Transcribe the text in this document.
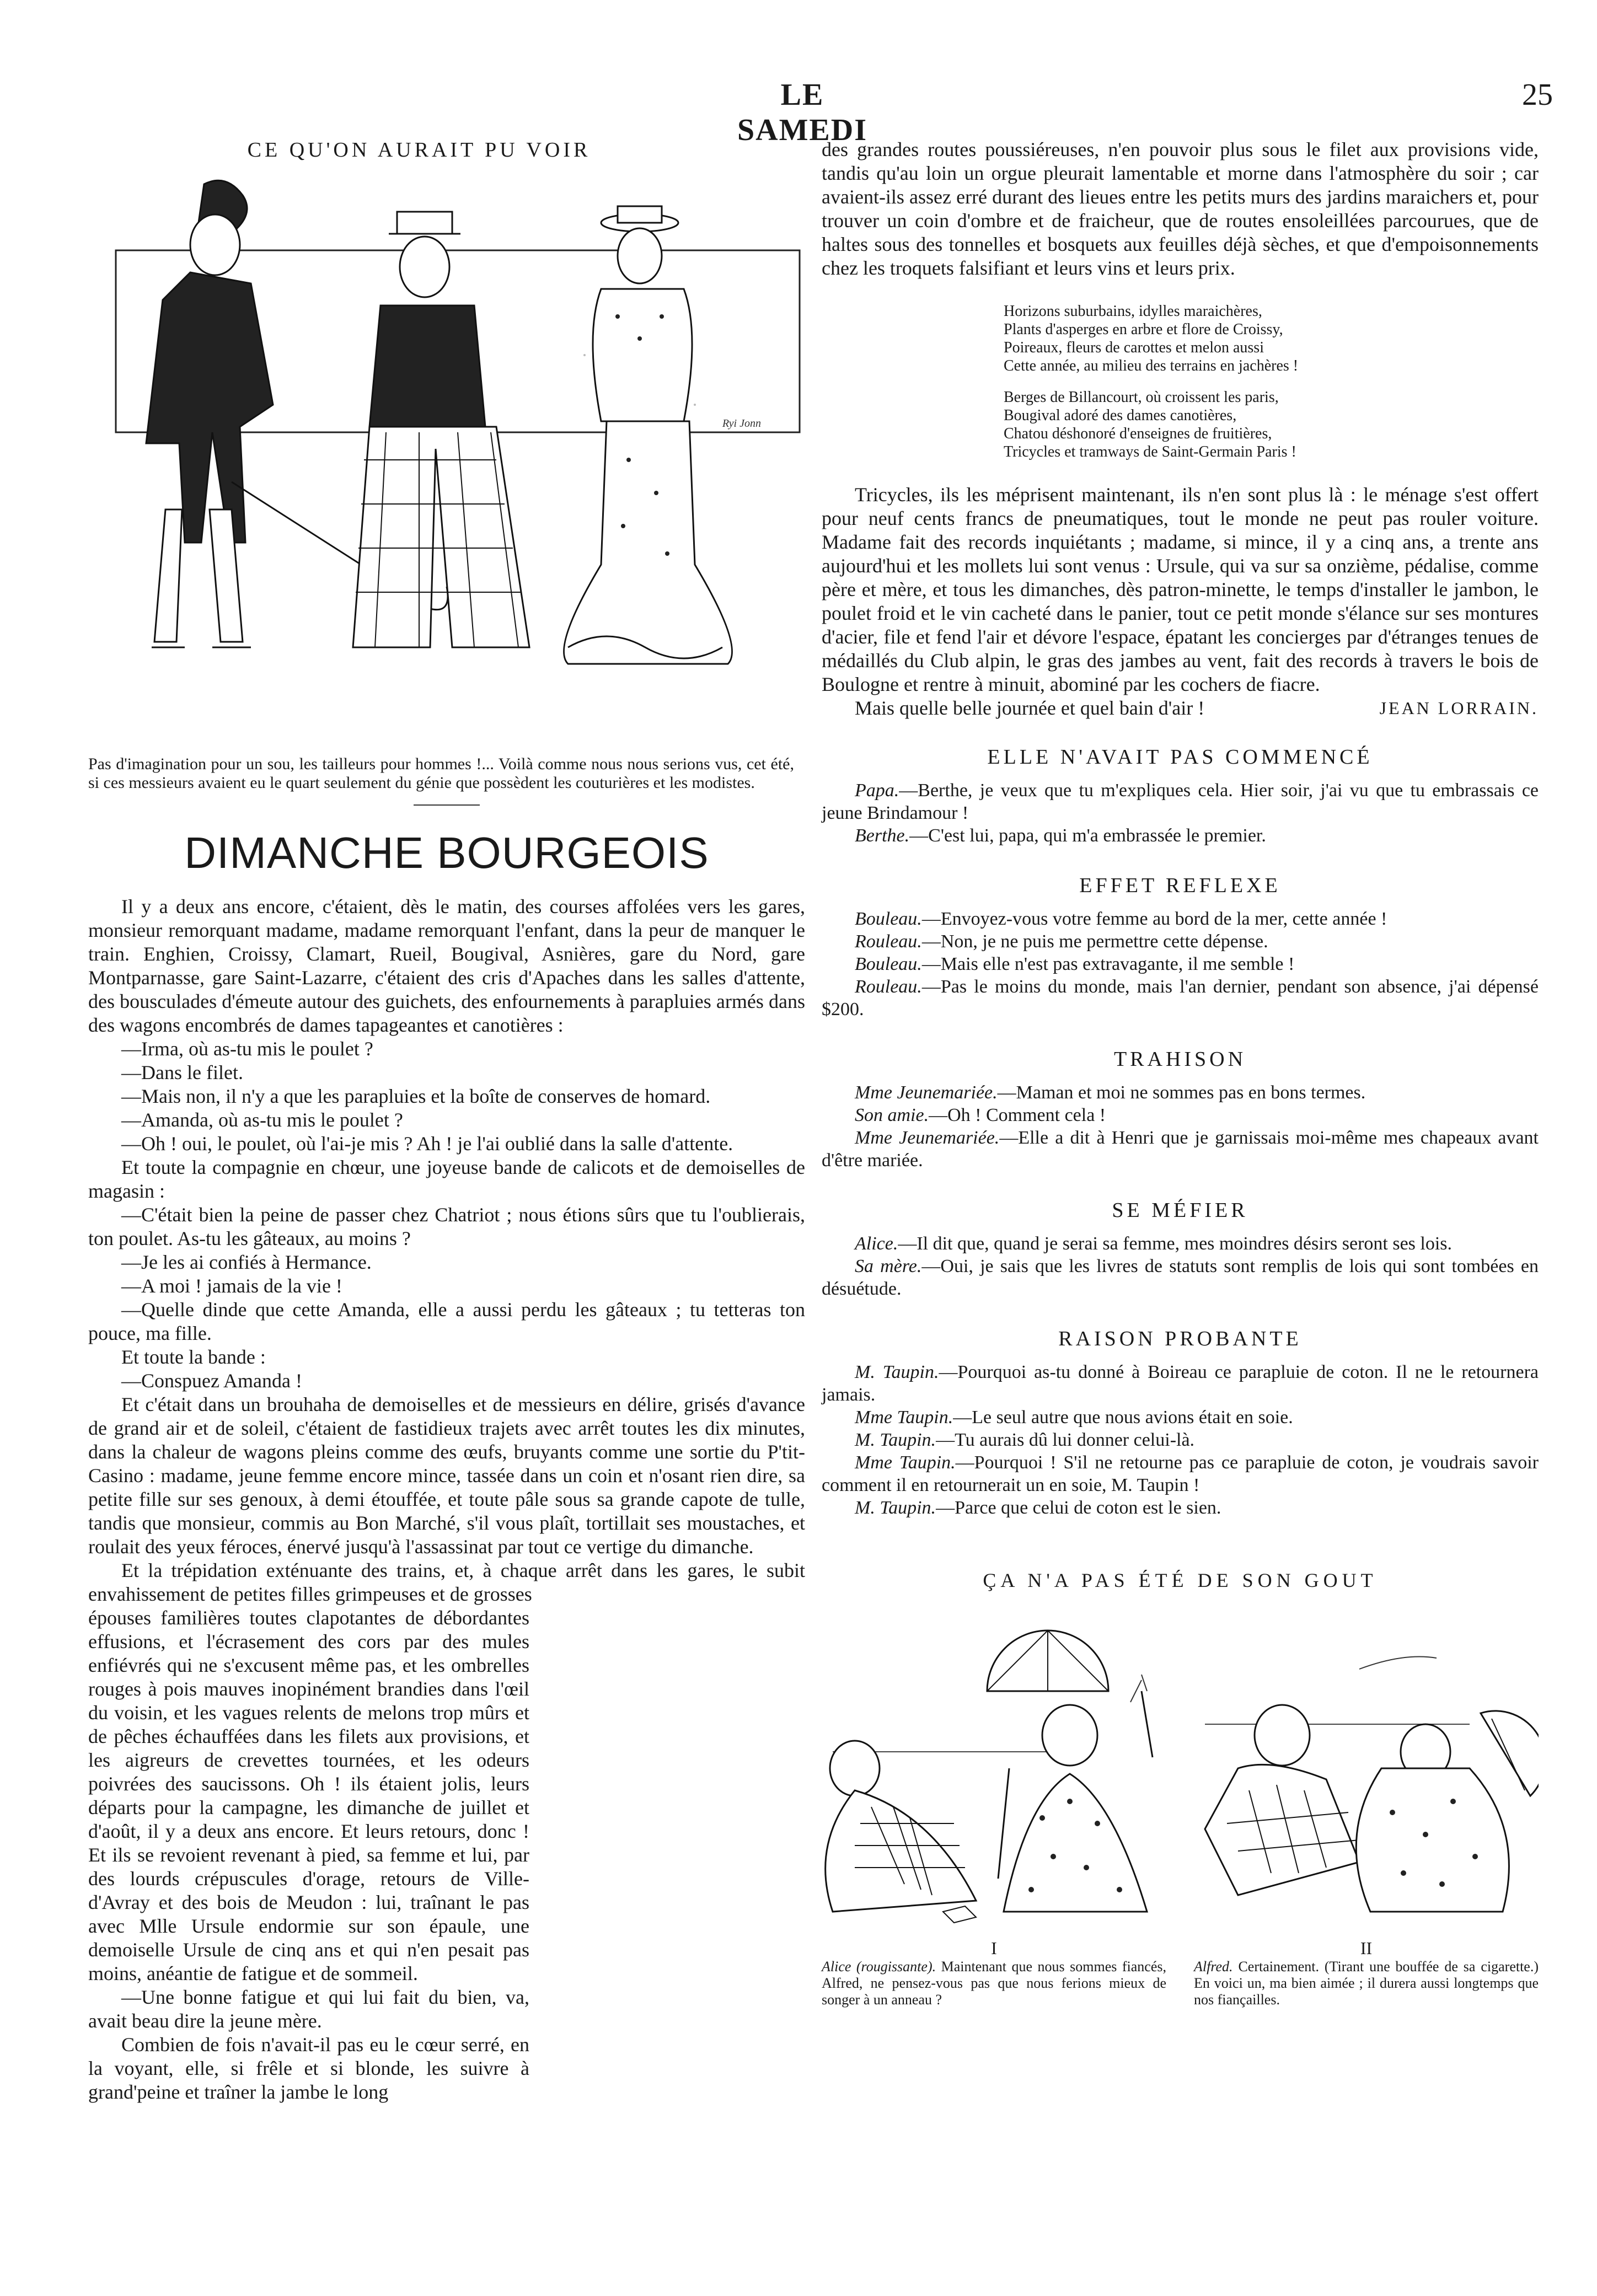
LE SAMEDI
25
CE QU'ON AURAIT PU VOIR
Ryi Jonn
Pas d'imagination pour un sou, les tailleurs pour hommes !... Voilà comme nous nous serions vus, cet été, si ces messieurs avaient eu le quart seulement du génie que possèdent les couturières et les modistes.
DIMANCHE BOURGEOIS

Il y a deux ans encore, c'étaient, dès le matin, des courses affolées vers les gares, monsieur remorquant madame, madame remorquant l'enfant, dans la peur de manquer le train. Enghien, Croissy, Clamart, Rueil, Bougival, Asnières, gare du Nord, gare Montparnasse, gare Saint-Lazarre, c'étaient des cris d'Apaches dans les salles d'attente, des bousculades d'émeute autour des guichets, des enfournements à parapluies armés dans des wagons encombrés de dames tapageantes et canotières :

—Irma, où as-tu mis le poulet ?

—Dans le filet.

—Mais non, il n'y a que les parapluies et la boîte de conserves de homard.

—Amanda, où as-tu mis le poulet ?

—Oh ! oui, le poulet, où l'ai-je mis ? Ah ! je l'ai oublié dans la salle d'attente.

Et toute la compagnie en chœur, une joyeuse bande de calicots et de demoiselles de magasin :

—C'était bien la peine de passer chez Chatriot ; nous étions sûrs que tu l'oublierais, ton poulet. As-tu les gâteaux, au moins ?

—Je les ai confiés à Hermance.

—A moi ! jamais de la vie !

—Quelle dinde que cette Amanda, elle a aussi perdu les gâteaux ; tu tetteras ton pouce, ma fille.

Et toute la bande :

—Conspuez Amanda !

Et c'était dans un brouhaha de demoiselles et de messieurs en délire, grisés d'avance de grand air et de soleil, c'étaient de fastidieux trajets avec arrêt toutes les dix minutes, dans la chaleur de wagons pleins comme des œufs, bruyants comme une sortie du P'tit-Casino : madame, jeune femme encore mince, tassée dans un coin et n'osant rien dire, sa petite fille sur ses genoux, à demi étouffée, et toute pâle sous sa grande capote de tulle, tandis que monsieur, commis au Bon Marché, s'il vous plaît, tortillait ses moustaches, et roulait des yeux féroces, énervé jusqu'à l'assassinat par tout ce vertige du dimanche.

Et la trépidation exténuante des trains, et, à chaque arrêt dans les gares, le subit envahissement de petites filles grimpeuses et de grosses

épouses familières toutes clapotantes de débordantes effusions, et l'écrasement des cors par des mules enfiévrés qui ne s'excusent même pas, et les ombrelles rouges à pois mauves inopinément brandies dans l'œil du voisin, et les vagues relents de melons trop mûrs et de pêches échauffées dans les filets aux provisions, et les aigreurs de crevettes tournées, et les odeurs poivrées des saucissons. Oh ! ils étaient jolis, leurs départs pour la campagne, les dimanche de juillet et d'août, il y a deux ans encore. Et leurs retours, donc ! Et ils se revoient revenant à pied, sa femme et lui, par des lourds crépuscules d'orage, retours de Ville-d'Avray et des bois de Meudon : lui, traînant le pas avec Mlle Ursule endormie sur son épaule, une demoiselle Ursule de cinq ans et qui n'en pesait pas moins, anéantie de fatigue et de sommeil.

—Une bonne fatigue et qui lui fait du bien, va, avait beau dire la jeune mère.

Combien de fois n'avait-il pas eu le cœur serré, en la voyant, elle, si frêle et si blonde, les suivre à grand'peine et traîner la jambe le long

des grandes routes poussiéreuses, n'en pouvoir plus sous le filet aux provisions vide, tandis qu'au loin un orgue pleurait lamentable et morne dans l'atmosphère du soir ; car avaient-ils assez erré durant des lieues entre les petits murs des jardins maraichers et, pour trouver un coin d'ombre et de fraicheur, que de routes ensoleillées parcourues, que de haltes sous des tonnelles et bosquets aux feuilles déjà sèches, et que d'empoisonnements chez les troquets falsifiant et leurs vins et leurs prix.

Horizons suburbains, idylles maraichères,
Plants d'asperges en arbre et flore de Croissy,
Poireaux, fleurs de carottes et melon aussi
Cette année, au milieu des terrains en jachères !
Berges de Billancourt, où croissent les paris,
Bougival adoré des dames canotières,
Chatou déshonoré d'enseignes de fruitières,
Tricycles et tramways de Saint-Germain Paris !

Tricycles, ils les méprisent maintenant, ils n'en sont plus là : le ménage s'est offert pour neuf cents francs de pneumatiques, tout le monde ne peut pas rouler voiture. Madame fait des records inquiétants ; madame, si mince, il y a cinq ans, a trente ans aujourd'hui et les mollets lui sont venus : Ursule, qui va sur sa onzième, pédalise, comme père et mère, et tous les dimanches, dès patron-minette, le temps d'installer le jambon, le poulet froid et le vin cacheté dans le panier, tout ce petit monde s'élance sur ses montures d'acier, file et fend l'air et dévore l'espace, épatant les concierges par d'étranges tenues de médaillés du Club alpin, le gras des jambes au vent, fait des records à travers le bois de Boulogne et rentre à minuit, abominé par les cochers de fiacre.

Mais quelle belle journée et quel bain d'air !	JEAN LORRAIN.
ELLE N'AVAIT PAS COMMENCÉ

Papa.—Berthe, je veux que tu m'expliques cela. Hier soir, j'ai vu que tu embrassais ce jeune Brindamour !

Berthe.—C'est lui, papa, qui m'a embrassée le premier.

EFFET REFLEXE

Bouleau.—Envoyez-vous votre femme au bord de la mer, cette année !

Rouleau.—Non, je ne puis me permettre cette dépense.

Bouleau.—Mais elle n'est pas extravagante, il me semble !

Rouleau.—Pas le moins du monde, mais l'an dernier, pendant son absence, j'ai dépensé $200.

TRAHISON

Mme Jeunemariée.—Maman et moi ne sommes pas en bons termes.

Son amie.—Oh ! Comment cela !

Mme Jeunemariée.—Elle a dit à Henri que je garnissais moi-même mes chapeaux avant d'être mariée.

SE MÉFIER

Alice.—Il dit que, quand je serai sa femme, mes moindres désirs seront ses lois.

Sa mère.—Oui, je sais que les livres de statuts sont remplis de lois qui sont tombées en désuétude.

RAISON PROBANTE

M. Taupin.—Pourquoi as-tu donné à Boireau ce parapluie de coton. Il ne le retournera jamais.

Mme Taupin.—Le seul autre que nous avions était en soie.

M. Taupin.—Tu aurais dû lui donner celui-là.

Mme Taupin.—Pourquoi ! S'il ne retourne pas ce parapluie de coton, je voudrais savoir comment il en retournerait un en soie, M. Taupin !

M. Taupin.—Parce que celui de coton est le sien.

ÇA N'A PAS ÉTÉ DE SON GOUT
I
Alice (rougissante). Maintenant que nous sommes fiancés, Alfred, ne pensez-vous pas que nous ferions mieux de songer à un anneau ?
II
Alfred. Certainement. (Tirant une bouffée de sa cigarette.) En voici un, ma bien aimée ; il durera aussi longtemps que nos fiançailles.
